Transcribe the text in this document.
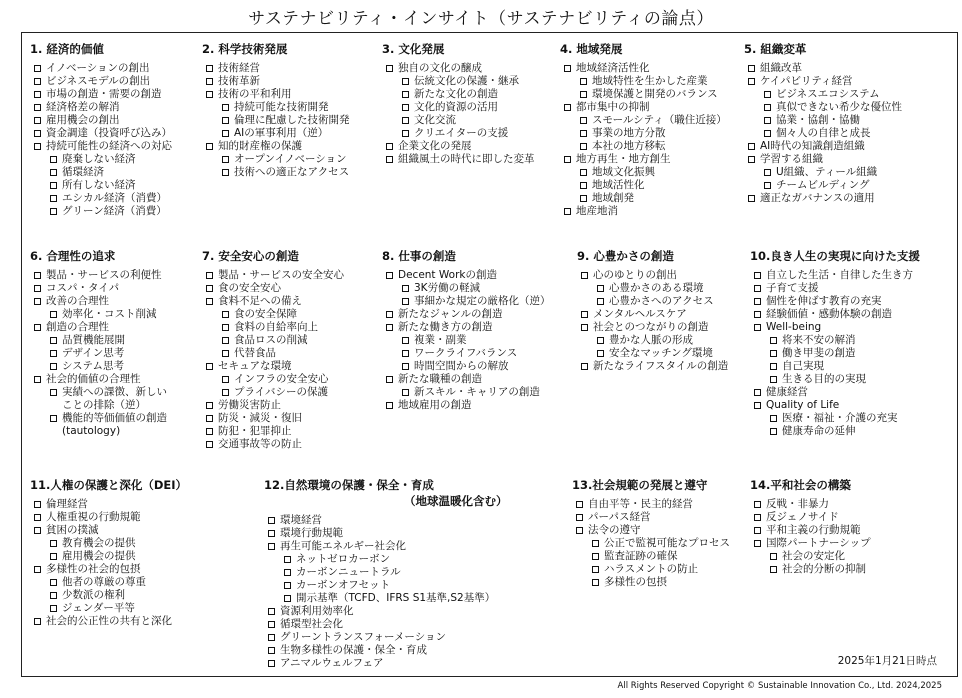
サステナビリティ・インサイト（サステナビリティの論点）
1. 経済的価値
イノベーションの創出
ビジネスモデルの創出
市場の創造・需要の創造
経済格差の解消
雇用機会の創出
資金調達（投資呼び込み）
持続可能性の経済への対応
廃棄しない経済
循環経済
所有しない経済
エシカル経済（消費）
グリーン経済（消費）
2. 科学技術発展
技術経営
技術革新
技術の平和利用
持続可能な技術開発
倫理に配慮した技術開発
AIの軍事利用（逆）
知的財産権の保護
オープンイノベーション
技術への適正なアクセス
3. 文化発展
独自の文化の醸成
伝統文化の保護・継承
新たな文化の創造
文化的資源の活用
文化交流
クリエイターの支援
企業文化の発展
組織風土の時代に即した変革
4. 地域発展
地域経済活性化
地域特性を生かした産業
環境保護と開発のバランス
都市集中の抑制
スモールシティ（職住近接）
事業の地方分散
本社の地方移転
地方再生・地方創生
地域文化振興
地域活性化
地域創発
地産地消
5. 組織変革
組織改革
ケイパビリティ経営
ビジネスエコシステム
真似できない希少な優位性
協業・協創・協働
個々人の自律と成長
AI時代の知識創造組織
学習する組織
U組織、ティール組織
チームビルディング
適正なガバナンスの適用
6. 合理性の追求
製品・サービスの利便性
コスパ・タイパ
改善の合理性
効率化・コスト削減
創造の合理性
品質機能展開
デザイン思考
システム思考
社会的価値の合理性
実績への課徴、新しい
ことの排除（逆）
機能的等価価値の創造
(tautology)
7. 安全安心の創造
製品・サービスの安全安心
食の安全安心
食料不足への備え
食の安全保障
食料の自給率向上
食品ロスの削減
代替食品
セキュアな環境
インフラの安全安心
プライバシーの保護
労働災害防止
防災・減災・復旧
防犯・犯罪抑止
交通事故等の防止
8. 仕事の創造
Decent Workの創造
3K労働の軽減
事細かな規定の厳格化（逆）
新たなジャンルの創造
新たな働き方の創造
複業・副業
ワークライフバランス
時間空間からの解放
新たな職種の創造
新スキル・キャリアの創造
地域雇用の創造
9. 心豊かさの創造
心のゆとりの創出
心豊かさのある環境
心豊かさへのアクセス
メンタルヘルスケア
社会とのつながりの創造
豊かな人脈の形成
安全なマッチング環境
新たなライフスタイルの創造
10.良き人生の実現に向けた支援
自立した生活・自律した生き方
子育て支援
個性を伸ばす教育の充実
経験価値・感動体験の創造
Well-being
将来不安の解消
働き甲斐の創造
自己実現
生きる目的の実現
健康経営
Quality of Life
医療・福祉・介護の充実
健康寿命の延伸
11.人権の保護と深化（DEI）
倫理経営
人権重視の行動規範
貧困の撲滅
教育機会の提供
雇用機会の提供
多様性の社会的包摂
他者の尊厳の尊重
少数派の権利
ジェンダー平等
社会的公正性の共有と深化
12.自然環境の保護・保全・育成
（地球温暖化含む）
環境経営
環境行動規範
再生可能エネルギー社会化
ネットゼロカーボン
カーボンニュートラル
カーボンオフセット
開示基準（TCFD、IFRS S1基準,S2基準）
資源利用効率化
循環型社会化
グリーントランスフォーメーション
生物多様性の保護・保全・育成
アニマルウェルフェア
13.社会規範の発展と遵守
自由平等・民主的経営
パーパス経営
法令の遵守
公正で監視可能なプロセス
監査証跡の確保
ハラスメントの防止
多様性の包摂
14.平和社会の構築
反戦・非暴力
反ジェノサイド
平和主義の行動規範
国際パートナーシップ
社会の安定化
社会的分断の抑制
2025年1月21日時点
All Rights Reserved Copyright © Sustainable Innovation Co., Ltd. 2024,2025
